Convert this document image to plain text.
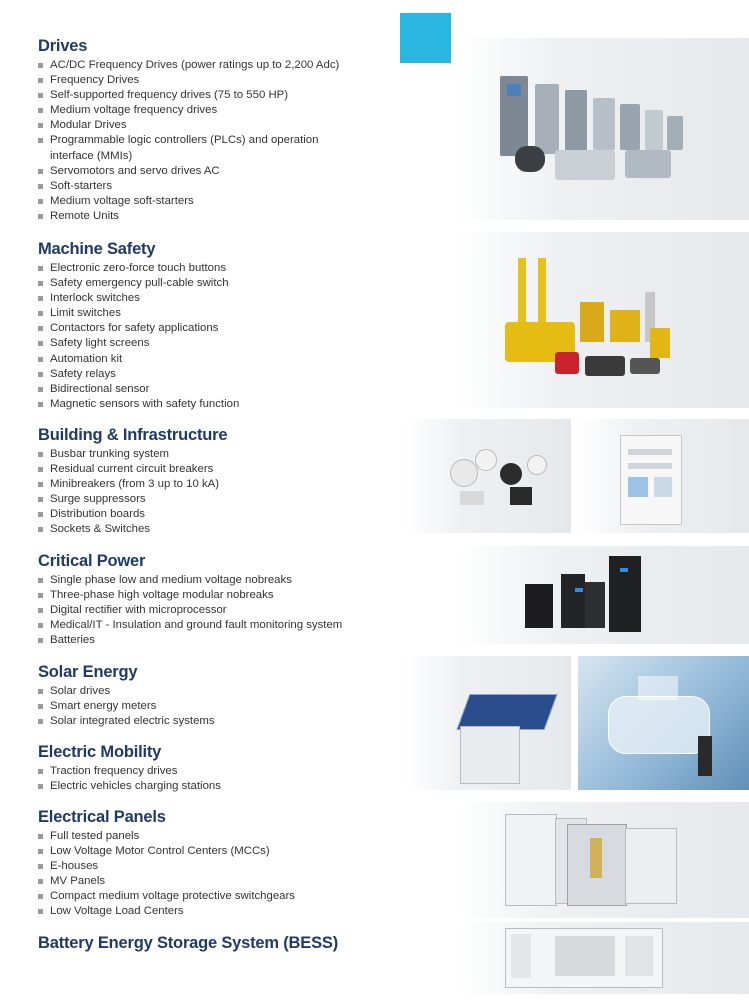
Drives
AC/DC Frequency Drives (power ratings up to 2,200 Adc)
Frequency Drives
Self-supported frequency drives (75 to 550 HP)
Medium voltage frequency drives
Modular Drives
Programmable logic controllers (PLCs) and operation
interface (MMIs)
Servomotors and servo drives AC
Soft-starters
Medium voltage soft-starters
Remote Units
Machine Safety
Electronic zero-force touch buttons
Safety emergency pull-cable switch
Interlock switches
Limit switches
Contactors for safety applications
Safety light screens
Automation kit
Safety relays
Bidirectional sensor
Magnetic sensors with safety function
Building & Infrastructure
Busbar trunking system
Residual current circuit breakers
Minibreakers (from 3 up to 10 kA)
Surge suppressors
Distribution boards
Sockets & Switches
Critical Power
Single phase low and medium voltage nobreaks
Three-phase high voltage modular nobreaks
Digital rectifier with microprocessor
Medical/IT - Insulation and ground fault monitoring system
Batteries
Solar Energy
Solar drives
Smart energy meters
Solar integrated electric systems
Electric Mobility
Traction frequency drives
Electric vehicles charging stations
Electrical Panels
Full tested panels
Low Voltage Motor Control Centers (MCCs)
E-houses
MV Panels
Compact medium voltage protective switchgears
Low Voltage Load Centers
Battery Energy Storage System (BESS)
